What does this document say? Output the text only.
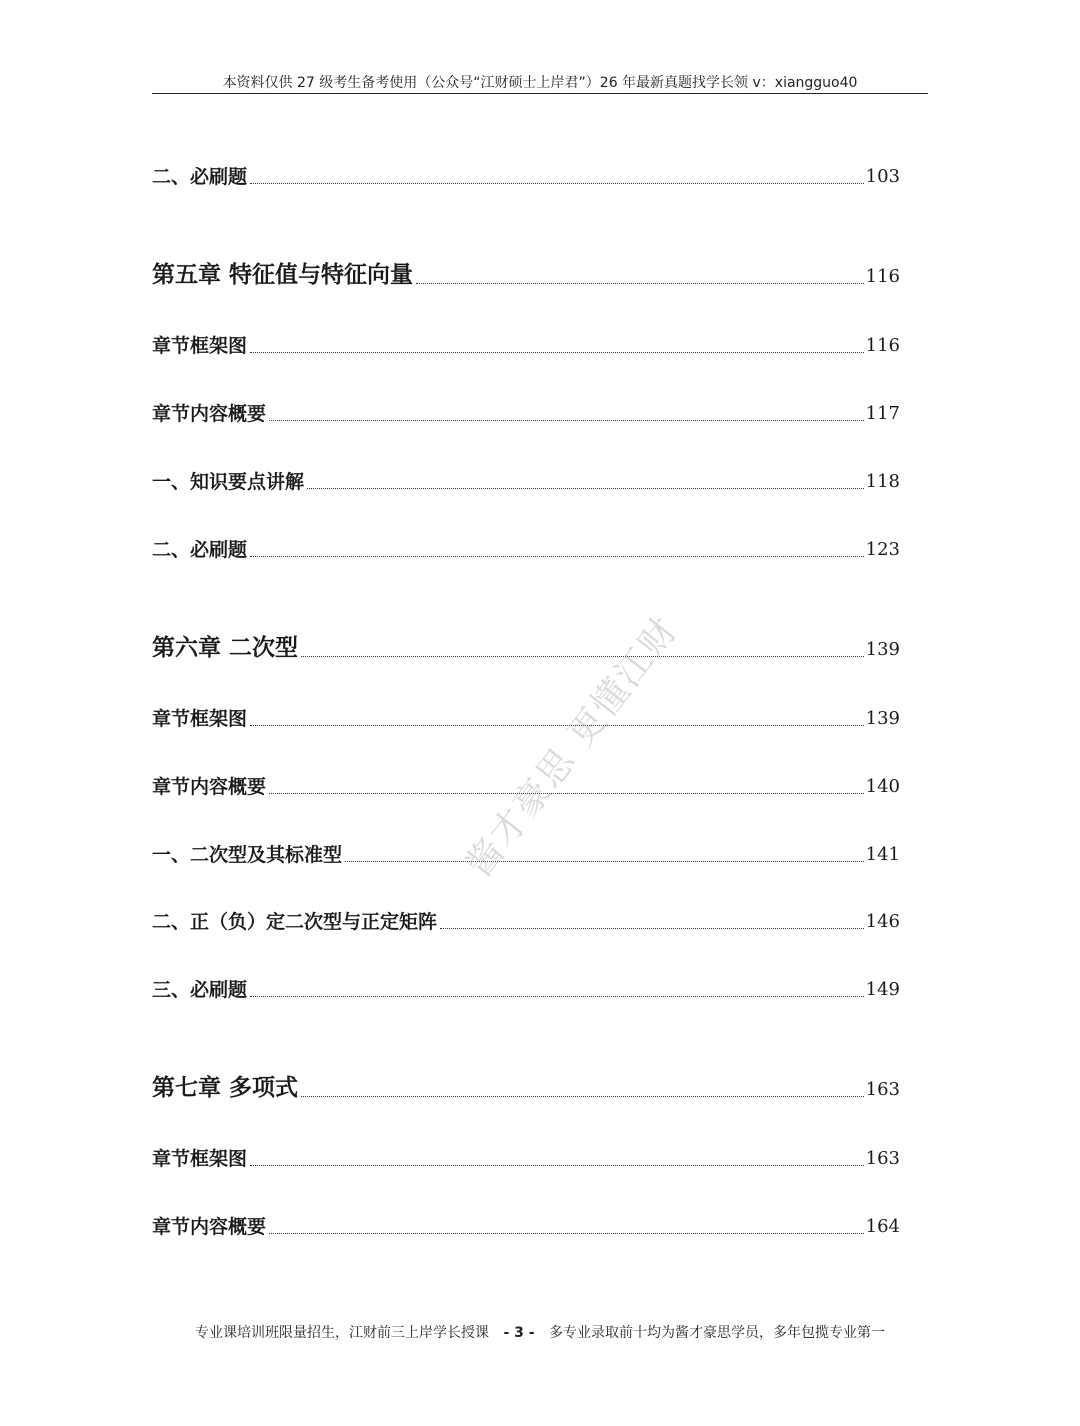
本资料仅供 27 级考生备考使用（公众号“江财硕士上岸君”）26 年最新真题找学长领 v：xiangguo40
二、必刷题	103
第五章 特征值与特征向量	116
章节框架图	116
章节内容概要	117
一、知识要点讲解	118
二、必刷题	123
第六章 二次型	139
章节框架图	139
章节内容概要	140
一、二次型及其标准型	141
二、正（负）定二次型与正定矩阵	146
三、必刷题	149
第七章 多项式	163
章节框架图	163
章节内容概要	164
酱才豪思 更懂江财
专业课培训班限量招生，江财前三上岸学长授课 - 3 - 多专业录取前十均为酱才豪思学员，多年包揽专业第一
